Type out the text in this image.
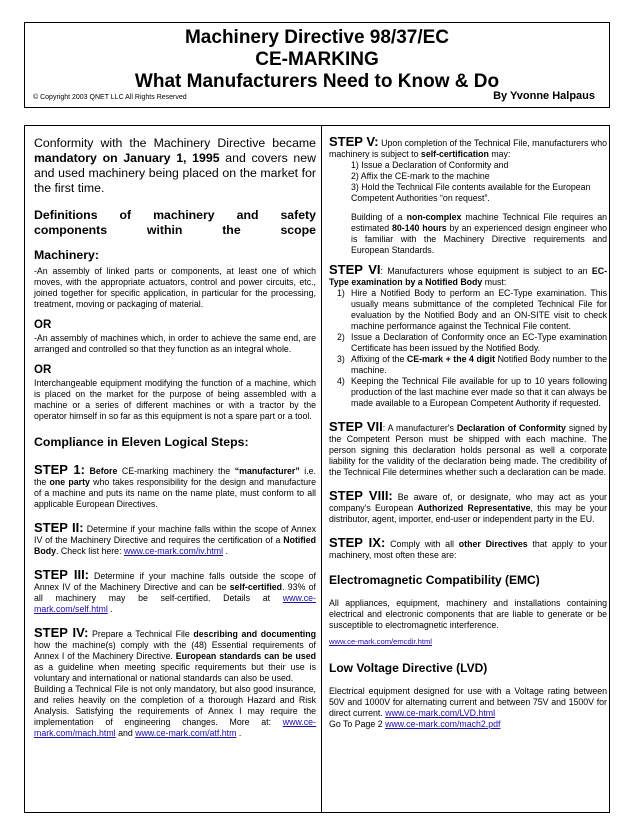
Machinery Directive 98/37/EC

CE-MARKING

What Manufacturers Need to Know & Do

© Copyright 2003 QNET LLC All Rights Reserved	By Yvonne Halpaus

Conformity with the Machinery Directive became mandatory on January 1, 1995 and covers new and used machinery being placed on the market for the first time.

Definitions of machinery and safety components within the scope

Machinery:

-An assembly of linked parts or components, at least one of which moves, with the appropriate actuators, control and power circuits, etc., joined together for specific application, in particular for the processing, treatment, moving or packaging of material.

OR

-An assembly of machines which, in order to achieve the same end, are arranged and controlled so that they function as an integral whole.

OR

Interchangeable equipment modifying the function of a machine, which is placed on the market for the purpose of being assembled with a machine or a series of different machines or with a tractor by the operator himself in so far as this equipment is not a spare part or a tool.

Compliance in Eleven Logical Steps:

STEP 1: Before CE-marking machinery the “manufacturer” i.e. the one party who takes responsibility for the design and manufacture of a machine and puts its name on the name plate, must conform to all applicable European Directives.

STEP II: Determine if your machine falls within the scope of Annex IV of the Machinery Directive and requires the certification of a Notified Body. Check list here: www.ce-mark.com/iv.html .

STEP III: Determine if your machine falls outside the scope of Annex IV of the Machinery Directive and can be self-certified. 93% of all machinery may be self-certified. Details at www.ce-mark.com/self.html .

STEP IV: Prepare a Technical File describing and documenting how the machine(s) comply with the (48) Essential requirements of Annex I of the Machinery Directive. European standards can be used as a guideline when meeting specific requirements but their use is voluntary and international or national standards can also be used.

Building a Technical File is not only mandatory, but also good insurance, and relies heavily on the completion of a thorough Hazard and Risk Analysis. Satisfying the requirements of Annex I may require the implementation of engineering changes. More at: www.ce-mark.com/mach.html and www.ce-mark.com/atf.htm .

STEP V: Upon completion of the Technical File, manufacturers who machinery is subject to self-certification may:

1) Issue a Declaration of Conformity and

2) Affix the CE-mark to the machine

3) Hold the Technical File contents available for the European Competent Authorities “on request”.

Building of a non-complex machine Technical File requires an estimated 80-140 hours by an experienced design engineer who is familiar with the Machinery Directive requirements and European Standards.

STEP VI: Manufacturers whose equipment is subject to an EC-Type examination by a Notified Body must:

1) Hire a Notified Body to perform an EC-Type examination. This usually means submittance of the completed Technical File for evaluation by the Notified Body and an ON-SITE visit to check machine performance against the Technical File content.
2) Issue a Declaration of Conformity once an EC-Type examination Certificate has been issued by the Notified Body.
3) Affixing of the CE-mark + the 4 digit Notified Body number to the machine.
4) Keeping the Technical File available for up to 10 years following production of the last machine ever made so that it can always be made available to a European Competent Authority if requested.

STEP VII: A manufacturer's Declaration of Conformity signed by the Competent Person must be shipped with each machine. The person signing this declaration holds personal as well a corporate liability for the validity of the declaration being made. The credibility of the Technical File determines whether such a declaration can be made.

STEP VIII: Be aware of, or designate, who may act as your company's European Authorized Representative, this may be your distributor, agent, importer, end-user or independent party in the EU.

STEP IX: Comply with all other Directives that apply to your machinery, most often these are:

Electromagnetic Compatibility (EMC)

All appliances, equipment, machinery and installations containing electrical and electronic components that are liable to generate or be susceptible to electromagnetic interference.

www.ce-mark.com/emcdir.html

Low Voltage Directive (LVD)

Electrical equipment designed for use with a Voltage rating between 50V and 1000V for alternating current and between 75V and 1500V for direct current. www.ce-mark.com/LVD.html

Go To Page 2 www.ce-mark.com/mach2.pdf
